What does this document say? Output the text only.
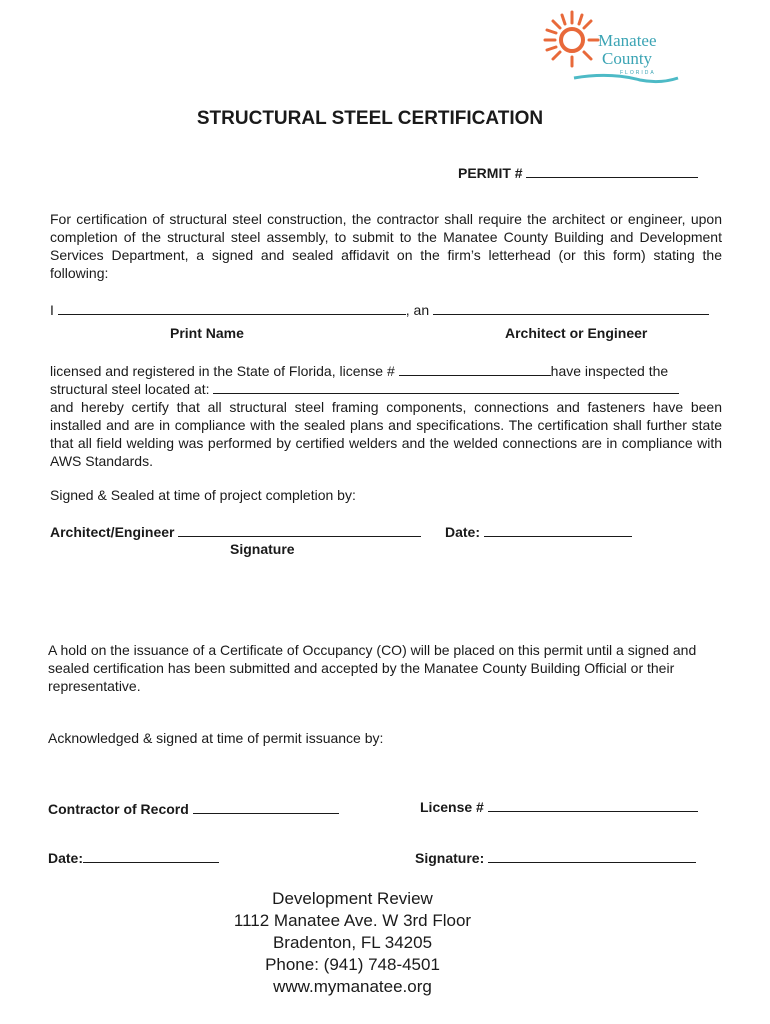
Manatee
County
FLORIDA
STRUCTURAL STEEL CERTIFICATION
PERMIT #
For certification of structural steel construction, the contractor shall require the architect or engineer, upon completion of the structural steel assembly, to submit to the Manatee County Building and Development Services Department, a signed and sealed affidavit on the firm’s letterhead (or this form) stating the following:
I	, an
Print Name	Architect or Engineer
licensed and registered in the State of Florida, license #	have inspected the
structural steel located at:
and hereby certify that all structural steel framing components, connections and fasteners have been installed and are in compliance with the sealed plans and specifications. The certification shall further state that all field welding was performed by certified welders and the welded connections are in compliance with AWS Standards.
Signed & Sealed at time of project completion by:
Architect/Engineer	Date:
Signature
A hold on the issuance of a Certificate of Occupancy (CO) will be placed on this permit until a signed and sealed certification has been submitted and accepted by the Manatee County Building Official or their representative.
Acknowledged & signed at time of permit issuance by:
Contractor of Record	License #
Date:	Signature:
Development Review
1112 Manatee Ave. W 3rd Floor
Bradenton, FL 34205
Phone: (941) 748-4501
www.mymanatee.org
